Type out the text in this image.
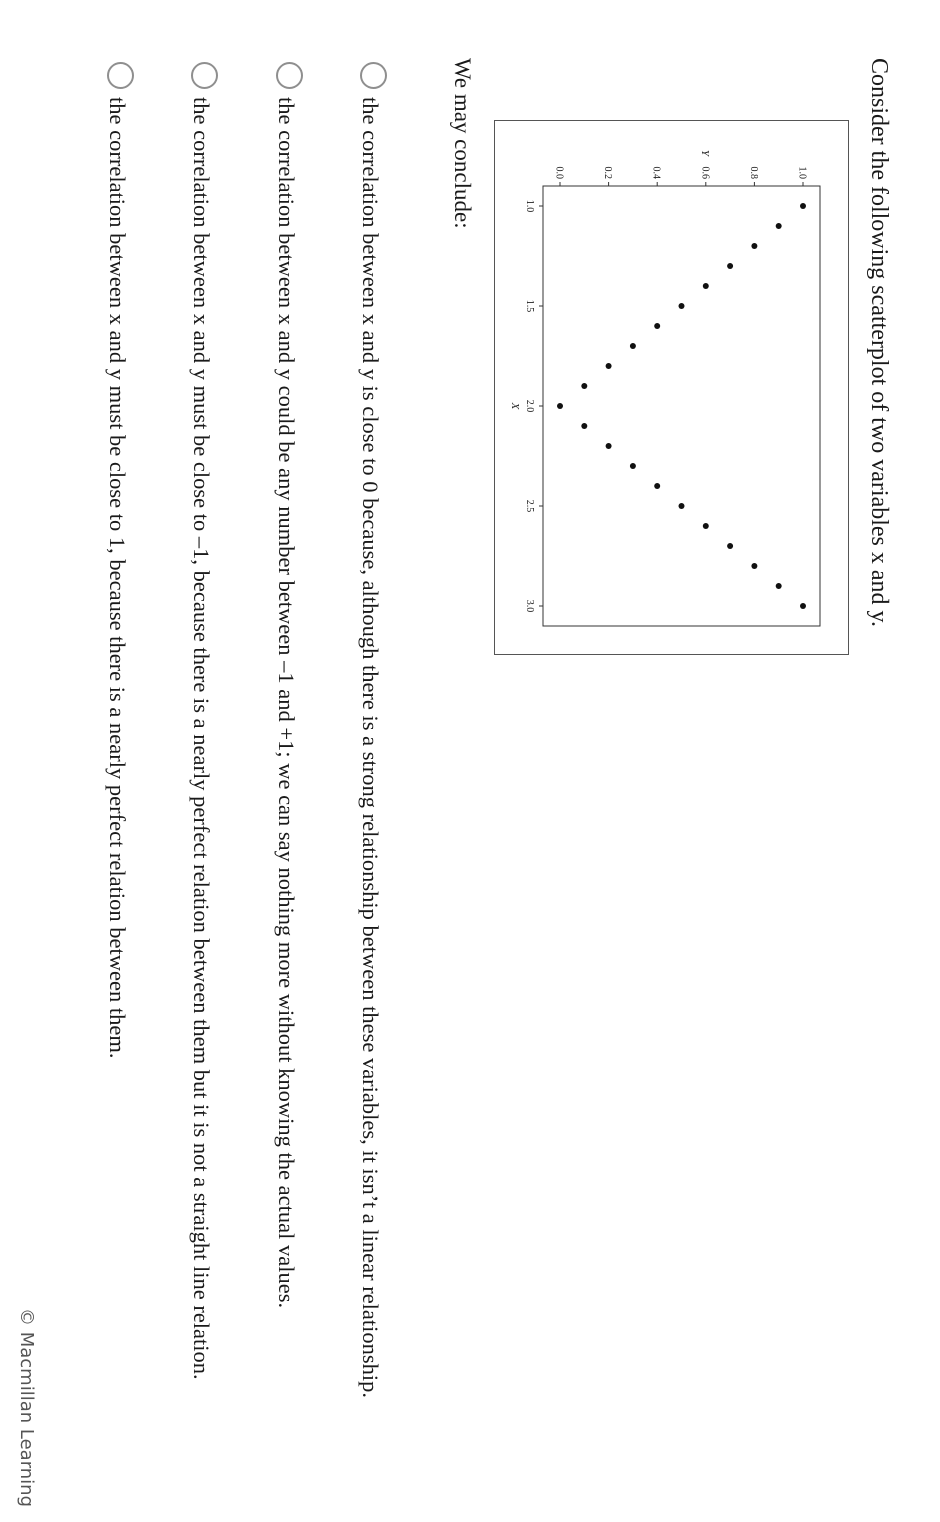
© Macmillan Learning
Consider the following scatterplot of two variables x and y.
1.0
1.5
2.0
2.5
3.0
0.0	0.2	0.4	0.6	0.8	1.0
X
Y
We may conclude:
the correlation between x and y is close to 0 because, although there is a strong relationship between these variables, it isn’t a linear relationship.
the correlation between x and y could be any number between –1 and +1; we can say nothing more without knowing the actual values.
the correlation between x and y must be close to –1, because there is a nearly perfect relation between them but it is not a straight line relation.
the correlation between x and y must be close to 1, because there is a nearly perfect relation between them.
